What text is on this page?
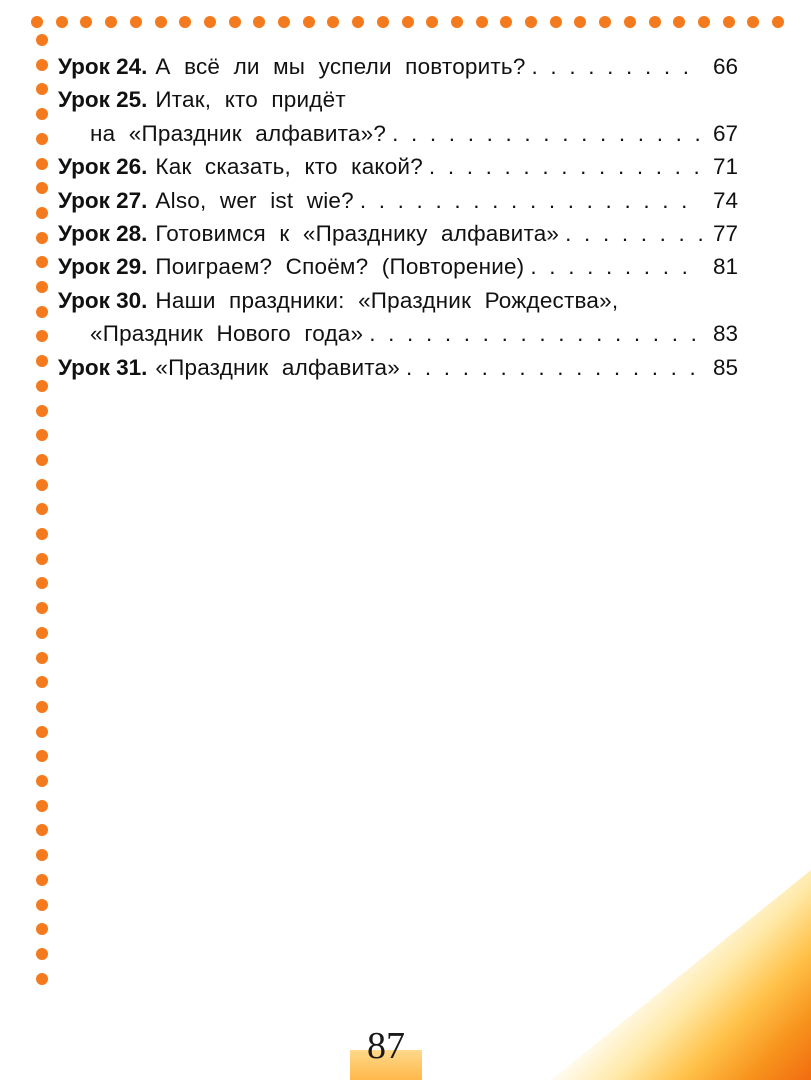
87
Урок 24. А всё ли мы успели повторить? . . .	66
Урок 25. Итак, кто придёт
на «Праздник алфавита»? . . .	67
Урок 26. Как сказать, кто какой? . . .	71
Урок 27. Also, wer ist wie? . . .	74
Урок 28. Готовимся к «Празднику алфавита» . . .	77
Урок 29. Поиграем? Споём? (Повторение) . . .	81
Урок 30. Наши праздники: «Праздник Рождества»,
«Праздник Нового года» . . .	83
Урок 31. «Праздник алфавита» . . .	85
